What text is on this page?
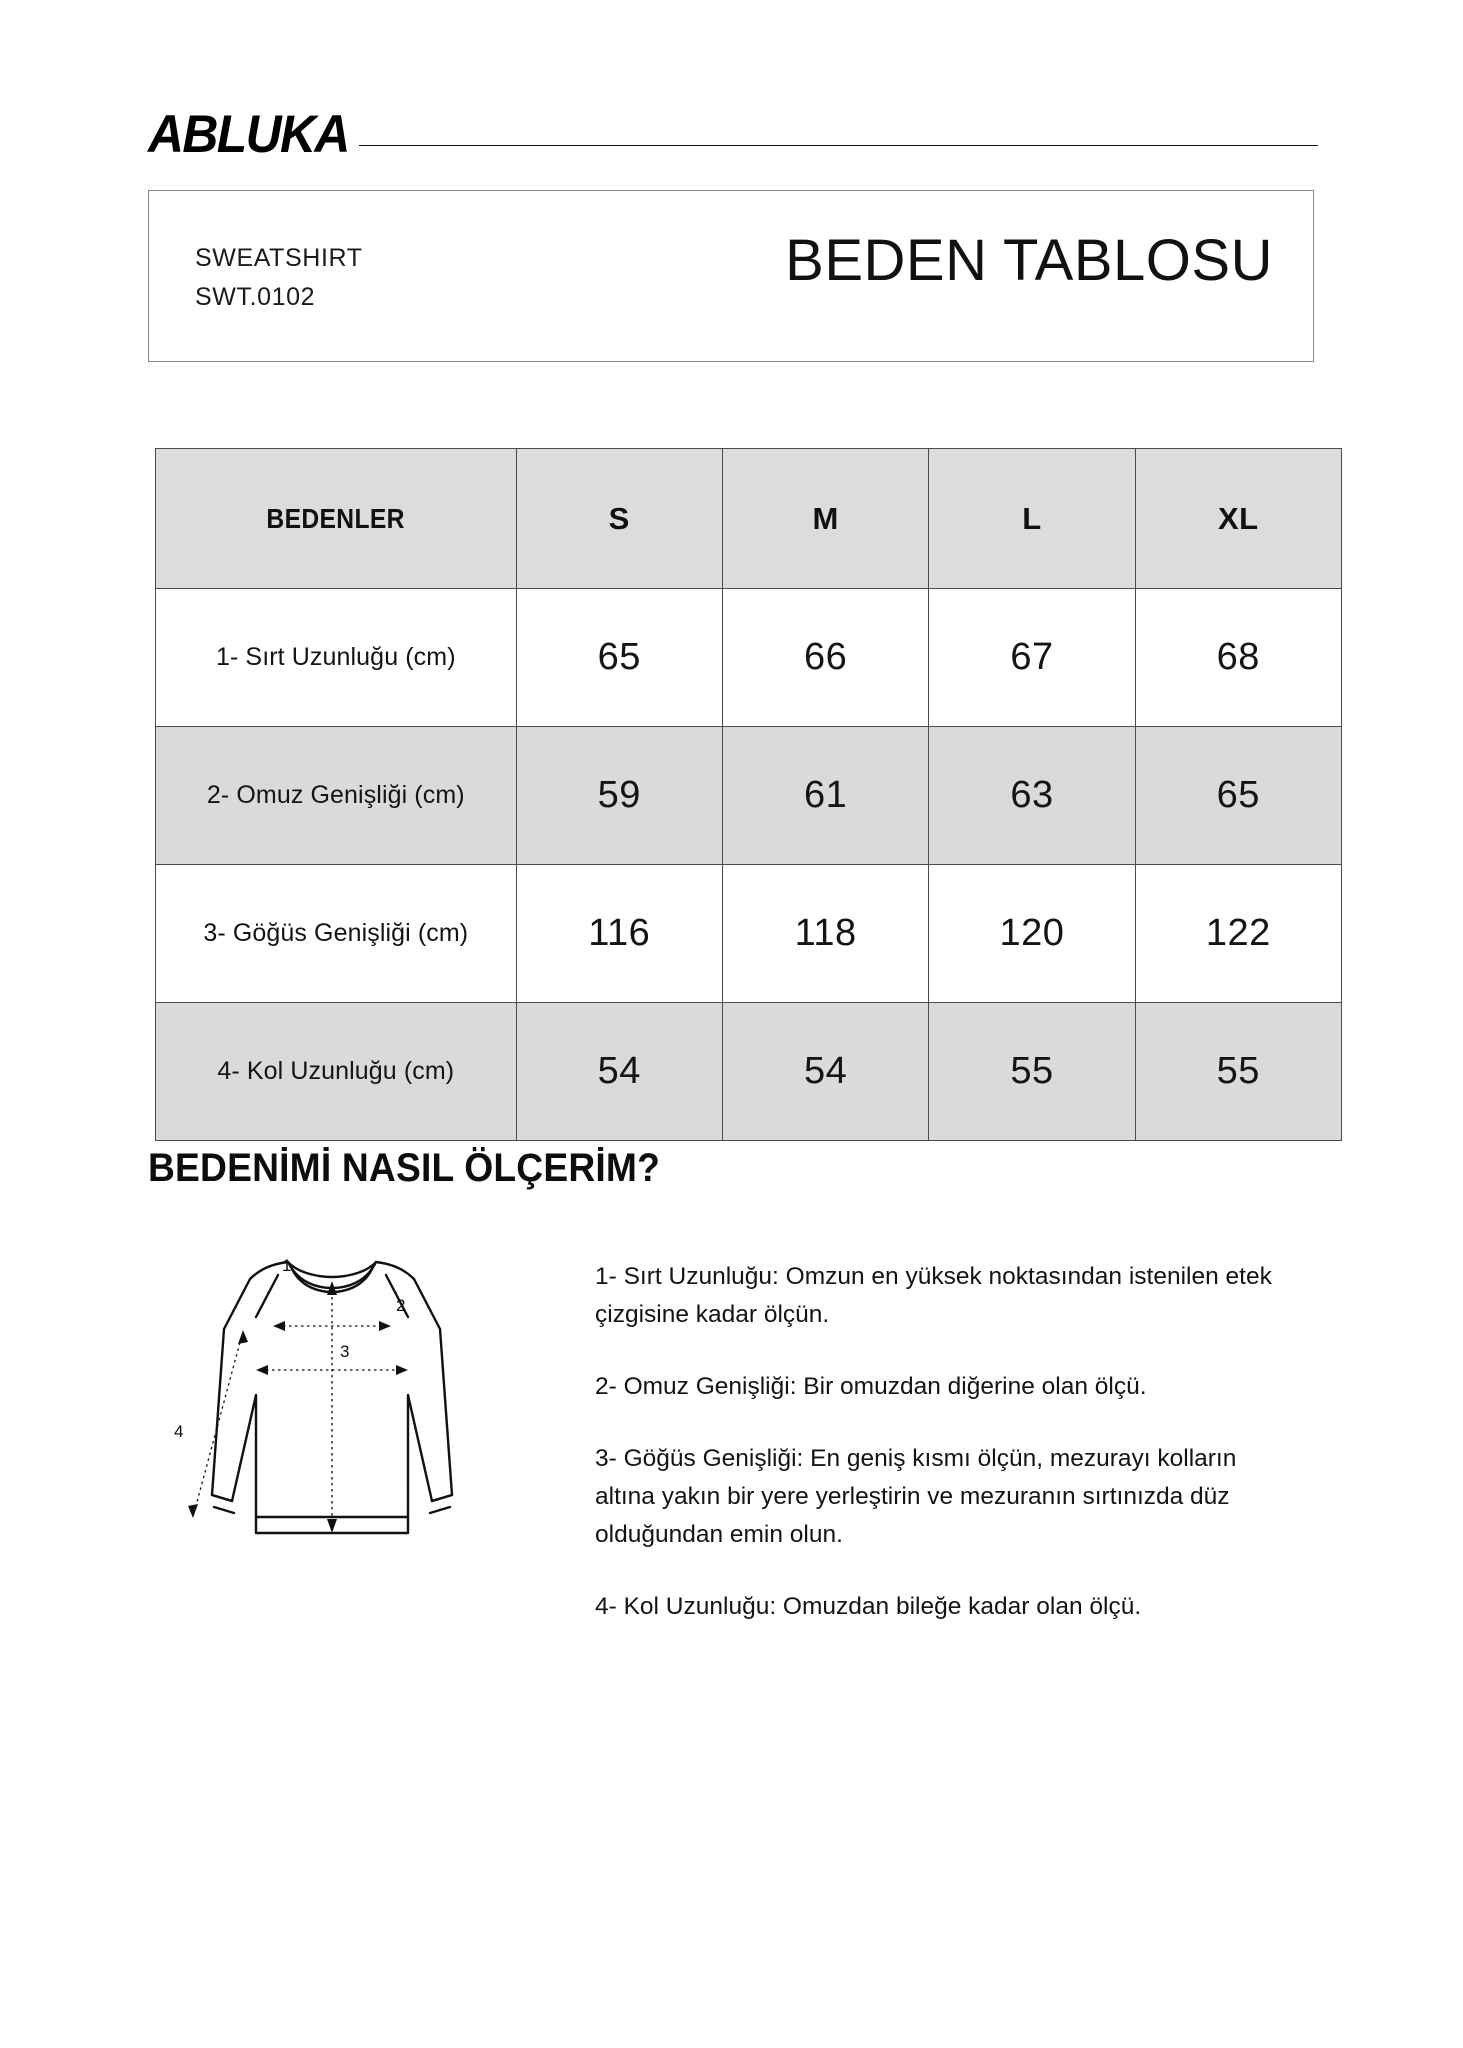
ABLUKA
SWEATSHIRT
SWT.0102
BEDEN TABLOSU
BEDENLER	S	M	L	XL
1- Sırt Uzunluğu (cm)	65	66	67	68
2- Omuz Genişliği (cm)	59	61	63	65
3- Göğüs Genişliği (cm)	116	118	120	122
4- Kol Uzunluğu (cm)	54	54	55	55
BEDENİMİ NASIL ÖLÇERİM?
1
2
3
4

1- Sırt Uzunluğu: Omzun en yüksek noktasından istenilen etek çizgisine kadar ölçün.

2- Omuz Genişliği: Bir omuzdan diğerine olan ölçü.

3- Göğüs Genişliği: En geniş kısmı ölçün, mezurayı kolların altına yakın bir yere yerleştirin ve mezuranın sırtınızda düz olduğundan emin olun.

4- Kol Uzunluğu: Omuzdan bileğe kadar olan ölçü.
